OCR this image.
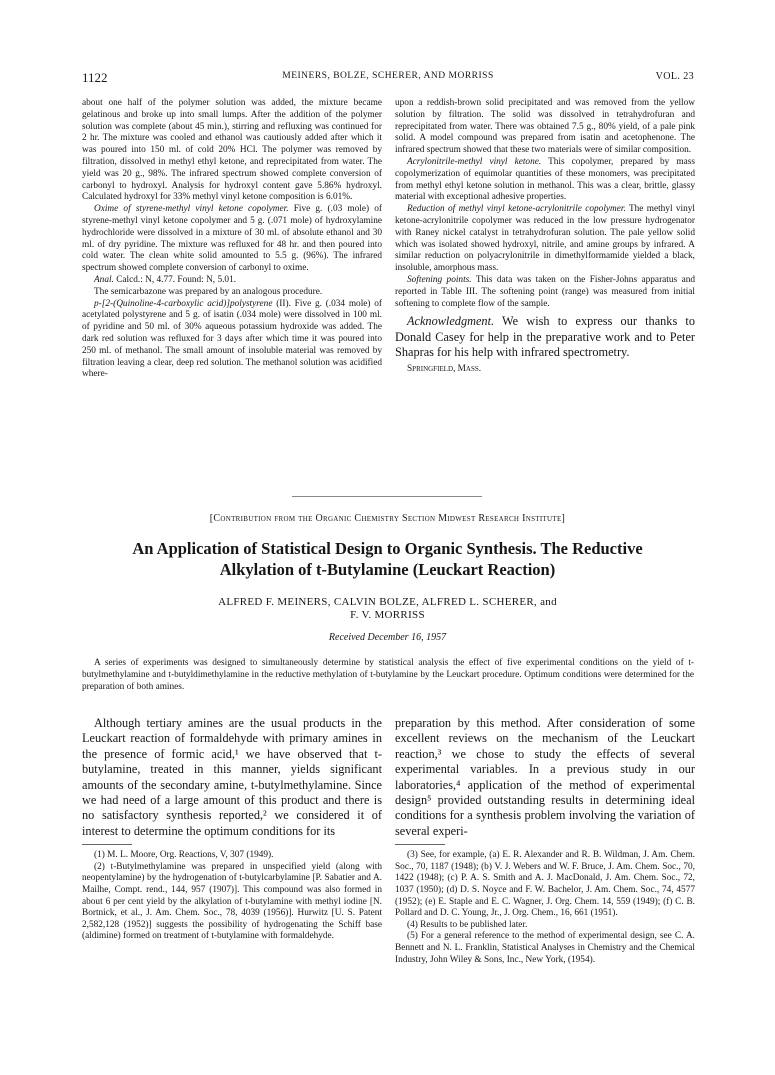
1122	MEINERS, BOLZE, SCHERER, AND MORRISS	VOL. 23

about one half of the polymer solution was added, the mixture became gelatinous and broke up into small lumps. After the addition of the polymer solution was complete (about 45 min.), stirring and refluxing was continued for 2 hr. The mixture was cooled and ethanol was cautiously added after which it was poured into 150 ml. of cold 20% HCl. The polymer was removed by filtration, dissolved in methyl ethyl ketone, and reprecipitated from water. The yield was 20 g., 98%. The infrared spectrum showed complete conversion of carbonyl to hydroxyl. Analysis for hydroxyl content gave 5.86% hydroxyl. Calculated hydroxyl for 33% methyl vinyl ketone composition is 6.01%.

Oxime of styrene-methyl vinyl ketone copolymer. Five g. (.03 mole) of styrene-methyl vinyl ketone copolymer and 5 g. (.071 mole) of hydroxylamine hydrochloride were dissolved in a mixture of 30 ml. of absolute ethanol and 30 ml. of dry pyridine. The mixture was refluxed for 48 hr. and then poured into cold water. The clean white solid amounted to 5.5 g. (96%). The infrared spectrum showed complete conversion of carbonyl to oxime.

Anal. Calcd.: N, 4.77. Found: N, 5.01.

The semicarbazone was prepared by an analogous procedure.

p-[2-(Quinoline-4-carboxylic acid)]polystyrene (II). Five g. (.034 mole) of acetylated polystyrene and 5 g. of isatin (.034 mole) were dissolved in 100 ml. of pyridine and 50 ml. of 30% aqueous potassium hydroxide was added. The dark red solution was refluxed for 3 days after which time it was poured into 250 ml. of methanol. The small amount of insoluble material was removed by filtration leaving a clear, deep red solution. The methanol solution was acidified where-

upon a reddish-brown solid precipitated and was removed from the yellow solution by filtration. The solid was dissolved in tetrahydrofuran and reprecipitated from water. There was obtained 7.5 g., 80% yield, of a pale pink solid. A model compound was prepared from isatin and acetophenone. The infrared spectrum showed that these two materials were of similar composition.

Acrylonitrile-methyl vinyl ketone. This copolymer, prepared by mass copolymerization of equimolar quantities of these monomers, was precipitated from methyl ethyl ketone solution in methanol. This was a clear, brittle, glassy material with exceptional adhesive properties.

Reduction of methyl vinyl ketone-acrylonitrile copolymer. The methyl vinyl ketone-acrylonitrile copolymer was reduced in the low pressure hydrogenator with Raney nickel catalyst in tetrahydrofuran solution. The pale yellow solid which was isolated showed hydroxyl, nitrile, and amine groups by infrared. A similar reduction on polyacrylonitrile in dimethylformamide yielded a black, insoluble, amorphous mass.

Softening points. This data was taken on the Fisher-Johns apparatus and reported in Table III. The softening point (range) was measured from initial softening to complete flow of the sample.

Acknowledgment. We wish to express our thanks to Donald Casey for help in the preparative work and to Peter Shapras for his help with infrared spectrometry.

Springfield, Mass.

[Contribution from the Organic Chemistry Section Midwest Research Institute]
An Application of Statistical Design to Organic Synthesis. The Reductive
Alkylation of t-Butylamine (Leuckart Reaction)
ALFRED F. MEINERS, CALVIN BOLZE, ALFRED L. SCHERER, and
F. V. MORRISS
Received December 16, 1957

A series of experiments was designed to simultaneously determine by statistical analysis the effect of five experimental conditions on the yield of t-butylmethylamine and t-butyldimethylamine in the reductive methylation of t-butylamine by the Leuckart procedure. Optimum conditions were determined for the preparation of both amines.

Although tertiary amines are the usual products in the Leuckart reaction of formaldehyde with primary amines in the presence of formic acid,¹ we have observed that t-butylamine, treated in this manner, yields significant amounts of the secondary amine, t-butylmethylamine. Since we had need of a large amount of this product and there is no satisfactory synthesis reported,² we considered it of interest to determine the optimum conditions for its

(1) M. L. Moore, Org. Reactions, V, 307 (1949).

(2) t-Butylmethylamine was prepared in unspecified yield (along with neopentylamine) by the hydrogenation of t-butylcarbylamine [P. Sabatier and A. Mailhe, Compt. rend., 144, 957 (1907)]. This compound was also formed in about 6 per cent yield by the alkylation of t-butylamine with methyl iodine [N. Bortnick, et al., J. Am. Chem. Soc., 78, 4039 (1956)]. Hurwitz [U. S. Patent 2,582,128 (1952)] suggests the possibility of hydrogenating the Schiff base (aldimine) formed on treatment of t-butylamine with formaldehyde.

preparation by this method. After consideration of some excellent reviews on the mechanism of the Leuckart reaction,³ we chose to study the effects of several experimental variables. In a previous study in our laboratories,⁴ application of the method of experimental design⁵ provided outstanding results in determining ideal conditions for a synthesis problem involving the variation of several experi-

(3) See, for example, (a) E. R. Alexander and R. B. Wildman, J. Am. Chem. Soc., 70, 1187 (1948); (b) V. J. Webers and W. F. Bruce, J. Am. Chem. Soc., 70, 1422 (1948); (c) P. A. S. Smith and A. J. MacDonald, J. Am. Chem. Soc., 72, 1037 (1950); (d) D. S. Noyce and F. W. Bachelor, J. Am. Chem. Soc., 74, 4577 (1952); (e) E. Staple and E. C. Wagner, J. Org. Chem. 14, 559 (1949); (f) C. B. Pollard and D. C. Young, Jr., J. Org. Chem., 16, 661 (1951).

(4) Results to be published later.

(5) For a general reference to the method of experimental design, see C. A. Bennett and N. L. Franklin, Statistical Analyses in Chemistry and the Chemical Industry, John Wiley & Sons, Inc., New York, (1954).
